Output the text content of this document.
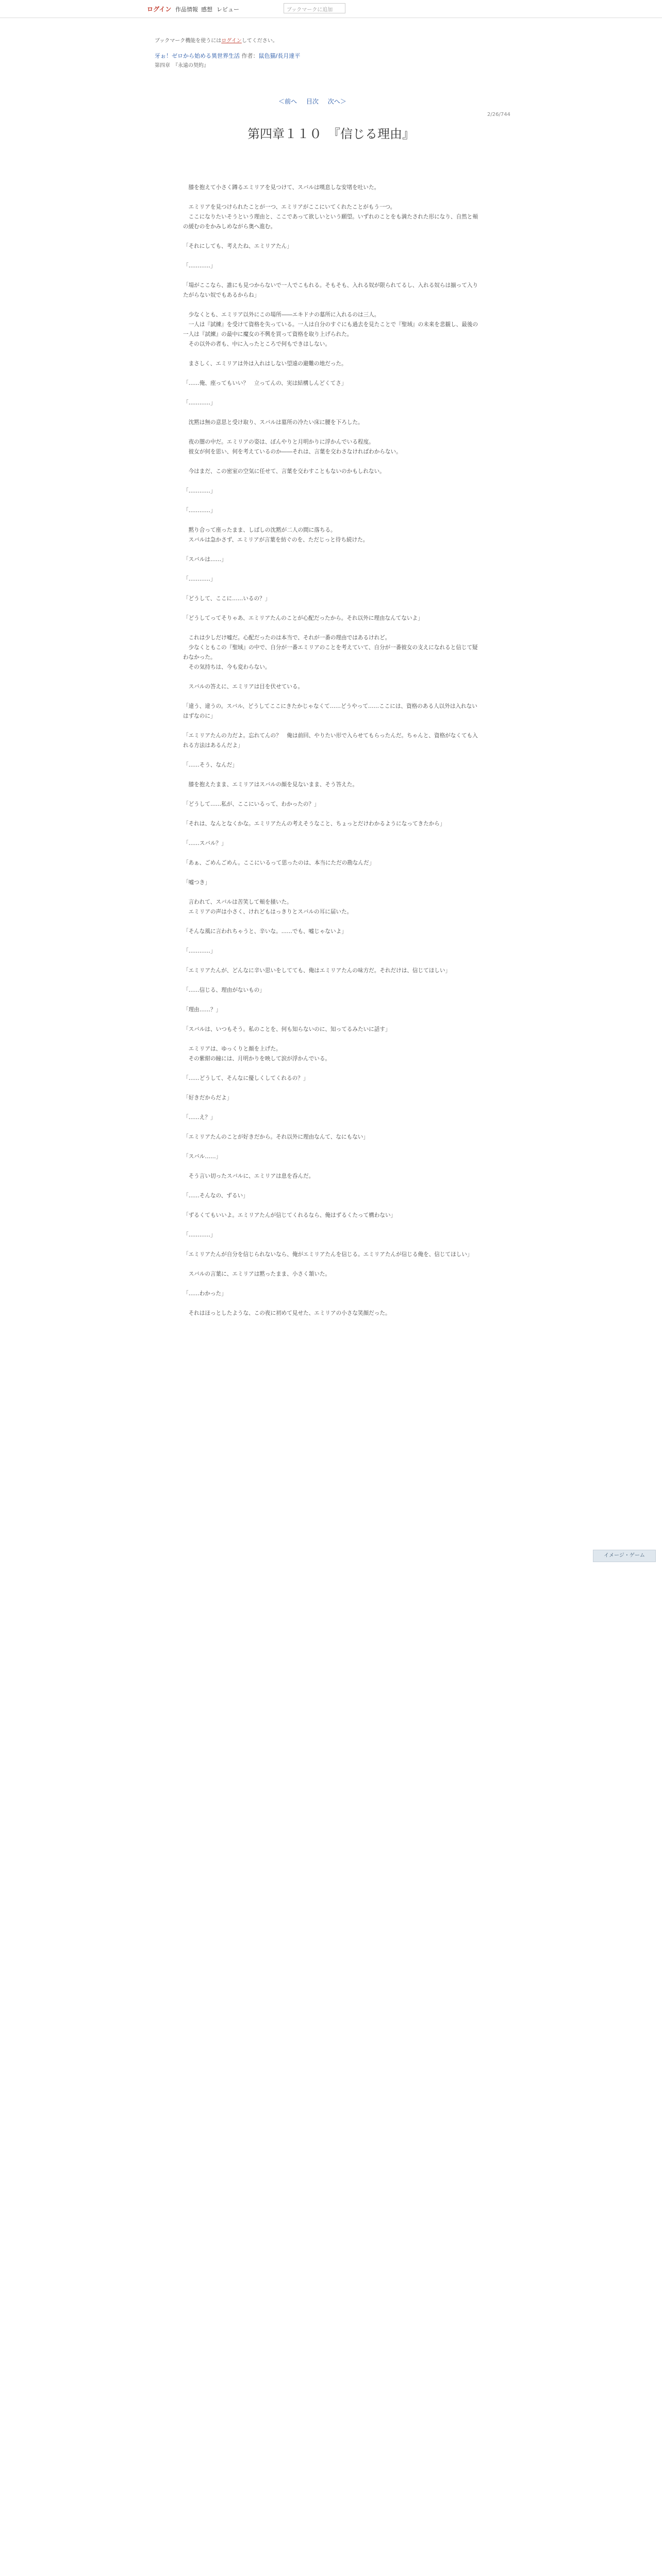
ログイン 作品情報 感想 レビュー	ブックマークに追加
ブックマーク機能を使うにはログインしてください。
牙ぉ！ゼロから始める異世界生活 作者：鼠色猫/長月達平
第四章　『永遠の契約』
＜前へ 目次 次へ＞
2/26/744
第四章１１０　『信じる理由』

　膝を抱えて小さく蹲るエミリアを見つけて、スバルは嘆息しな安堵を吐いた。

　エミリアを見つけられたことが一つ、エミリアがここにいてくれたことがもう一つ。
　ここになりたいそうという理由と、ここであって欲しいという願望。いずれのことをも満たされた形になり、自然と頬の緩むのをかみしめながら奥へ進む。

「それにしても、考えたね、エミリアたん」

「…………」

「場がここなら、誰にも見つからないで一人でこもれる。そもそも、入れる奴が限られてるし、入れる奴らは揃って入りたがらない奴でもあるからね」

　少なくとも、エミリア以外にこの場所――エキドナの墓所に入れるのは三人。
　一人は『試練』を受けて資格を失っている。一人は自分のすぐにも過去を見たことで『聖域』の未来を悲観し、最後の一人は『試練』の最中に魔女の不興を買って資格を取り上げられた。
　その以外の者も、中に入ったところで何もできはしない。

　まさしく、エミリアは外は入れはしない望遠の避難の地だった。

「……俺、座ってもいい？　立ってんの、実は結構しんどくてさ」

「…………」

　沈黙は無の意思と受け取り、スバルは墓所の冷たい床に腰を下ろした。

　夜の闇の中だ。エミリアの姿は、ぼんやりと月明かりに浮かんでいる程度。
　彼女が何を思い、何を考えているのか――それは、言葉を交わさなければわからない。

　今はまだ、この密室の空気に任せて、言葉を交わすこともないのかもしれない。

「…………」

「…………」

　黙り合って座ったまま、しばしの沈黙が二人の間に落ちる。
　スバルは急かさず、エミリアが言葉を紡ぐのを、ただじっと待ち続けた。

「スバルは……」

「…………」

「どうして、ここに……いるの？」

「どうしてってそりゃあ、エミリアたんのことが心配だったから。それ以外に理由なんてないよ」

　これは少しだけ嘘だ。心配だったのは本当で、それが一番の理由ではあるけれど。
　少なくともこの『聖域』の中で、自分が一番エミリアのことを考えていて、自分が一番彼女の支えになれると信じて疑わなかった。
　その気持ちは、今も変わらない。

　スバルの答えに、エミリアは目を伏せている。

「違う、違うの。スバル、どうしてここにきたかじゃなくて……どうやって……ここには、資格のある人以外は入れないはずなのに」

「エミリアたんの力だよ。忘れてんの？　俺は前回、やりたい形で入らせてもらったんだ。ちゃんと、資格がなくても入れる方法はあるんだよ」

「……そう、なんだ」

　膝を抱えたまま、エミリアはスバルの顔を見ないまま、そう答えた。

「どうして……私が、ここにいるって、わかったの？」

「それは、なんとなくかな。エミリアたんの考えそうなこと、ちょっとだけわかるようになってきたから」

「……スバル？」

「あぁ、ごめんごめん。ここにいるって思ったのは、本当にただの勘なんだ」

「嘘つき」

　言われて、スバルは苦笑して頬を掻いた。
　エミリアの声は小さく、けれどもはっきりとスバルの耳に届いた。

「そんな風に言われちゃうと、辛いな。……でも、嘘じゃないよ」

「…………」

「エミリアたんが、どんなに辛い思いをしてても、俺はエミリアたんの味方だ。それだけは、信じてほしい」

「……信じる、理由がないもの」

「理由……？」

「スバルは、いつもそう。私のことを、何も知らないのに、知ってるみたいに話す」

　エミリアは、ゆっくりと顔を上げた。
　その紫紺の瞳には、月明かりを映して涙が浮かんでいる。

「……どうして、そんなに優しくしてくれるの？」

「好きだからだよ」

「……え？」

「エミリアたんのことが好きだから。それ以外に理由なんて、なにもない」

「スバル……」

　そう言い切ったスバルに、エミリアは息を呑んだ。

「……そんなの、ずるい」

「ずるくてもいいよ。エミリアたんが信じてくれるなら、俺はずるくたって構わない」

「…………」

「エミリアたんが自分を信じられないなら、俺がエミリアたんを信じる。エミリアたんが信じる俺を、信じてほしい」

　スバルの言葉に、エミリアは黙ったまま、小さく頷いた。

「……わかった」

　それはほっとしたような、この夜に初めて見せた、エミリアの小さな笑顔だった。

イメージ・ゲーム
